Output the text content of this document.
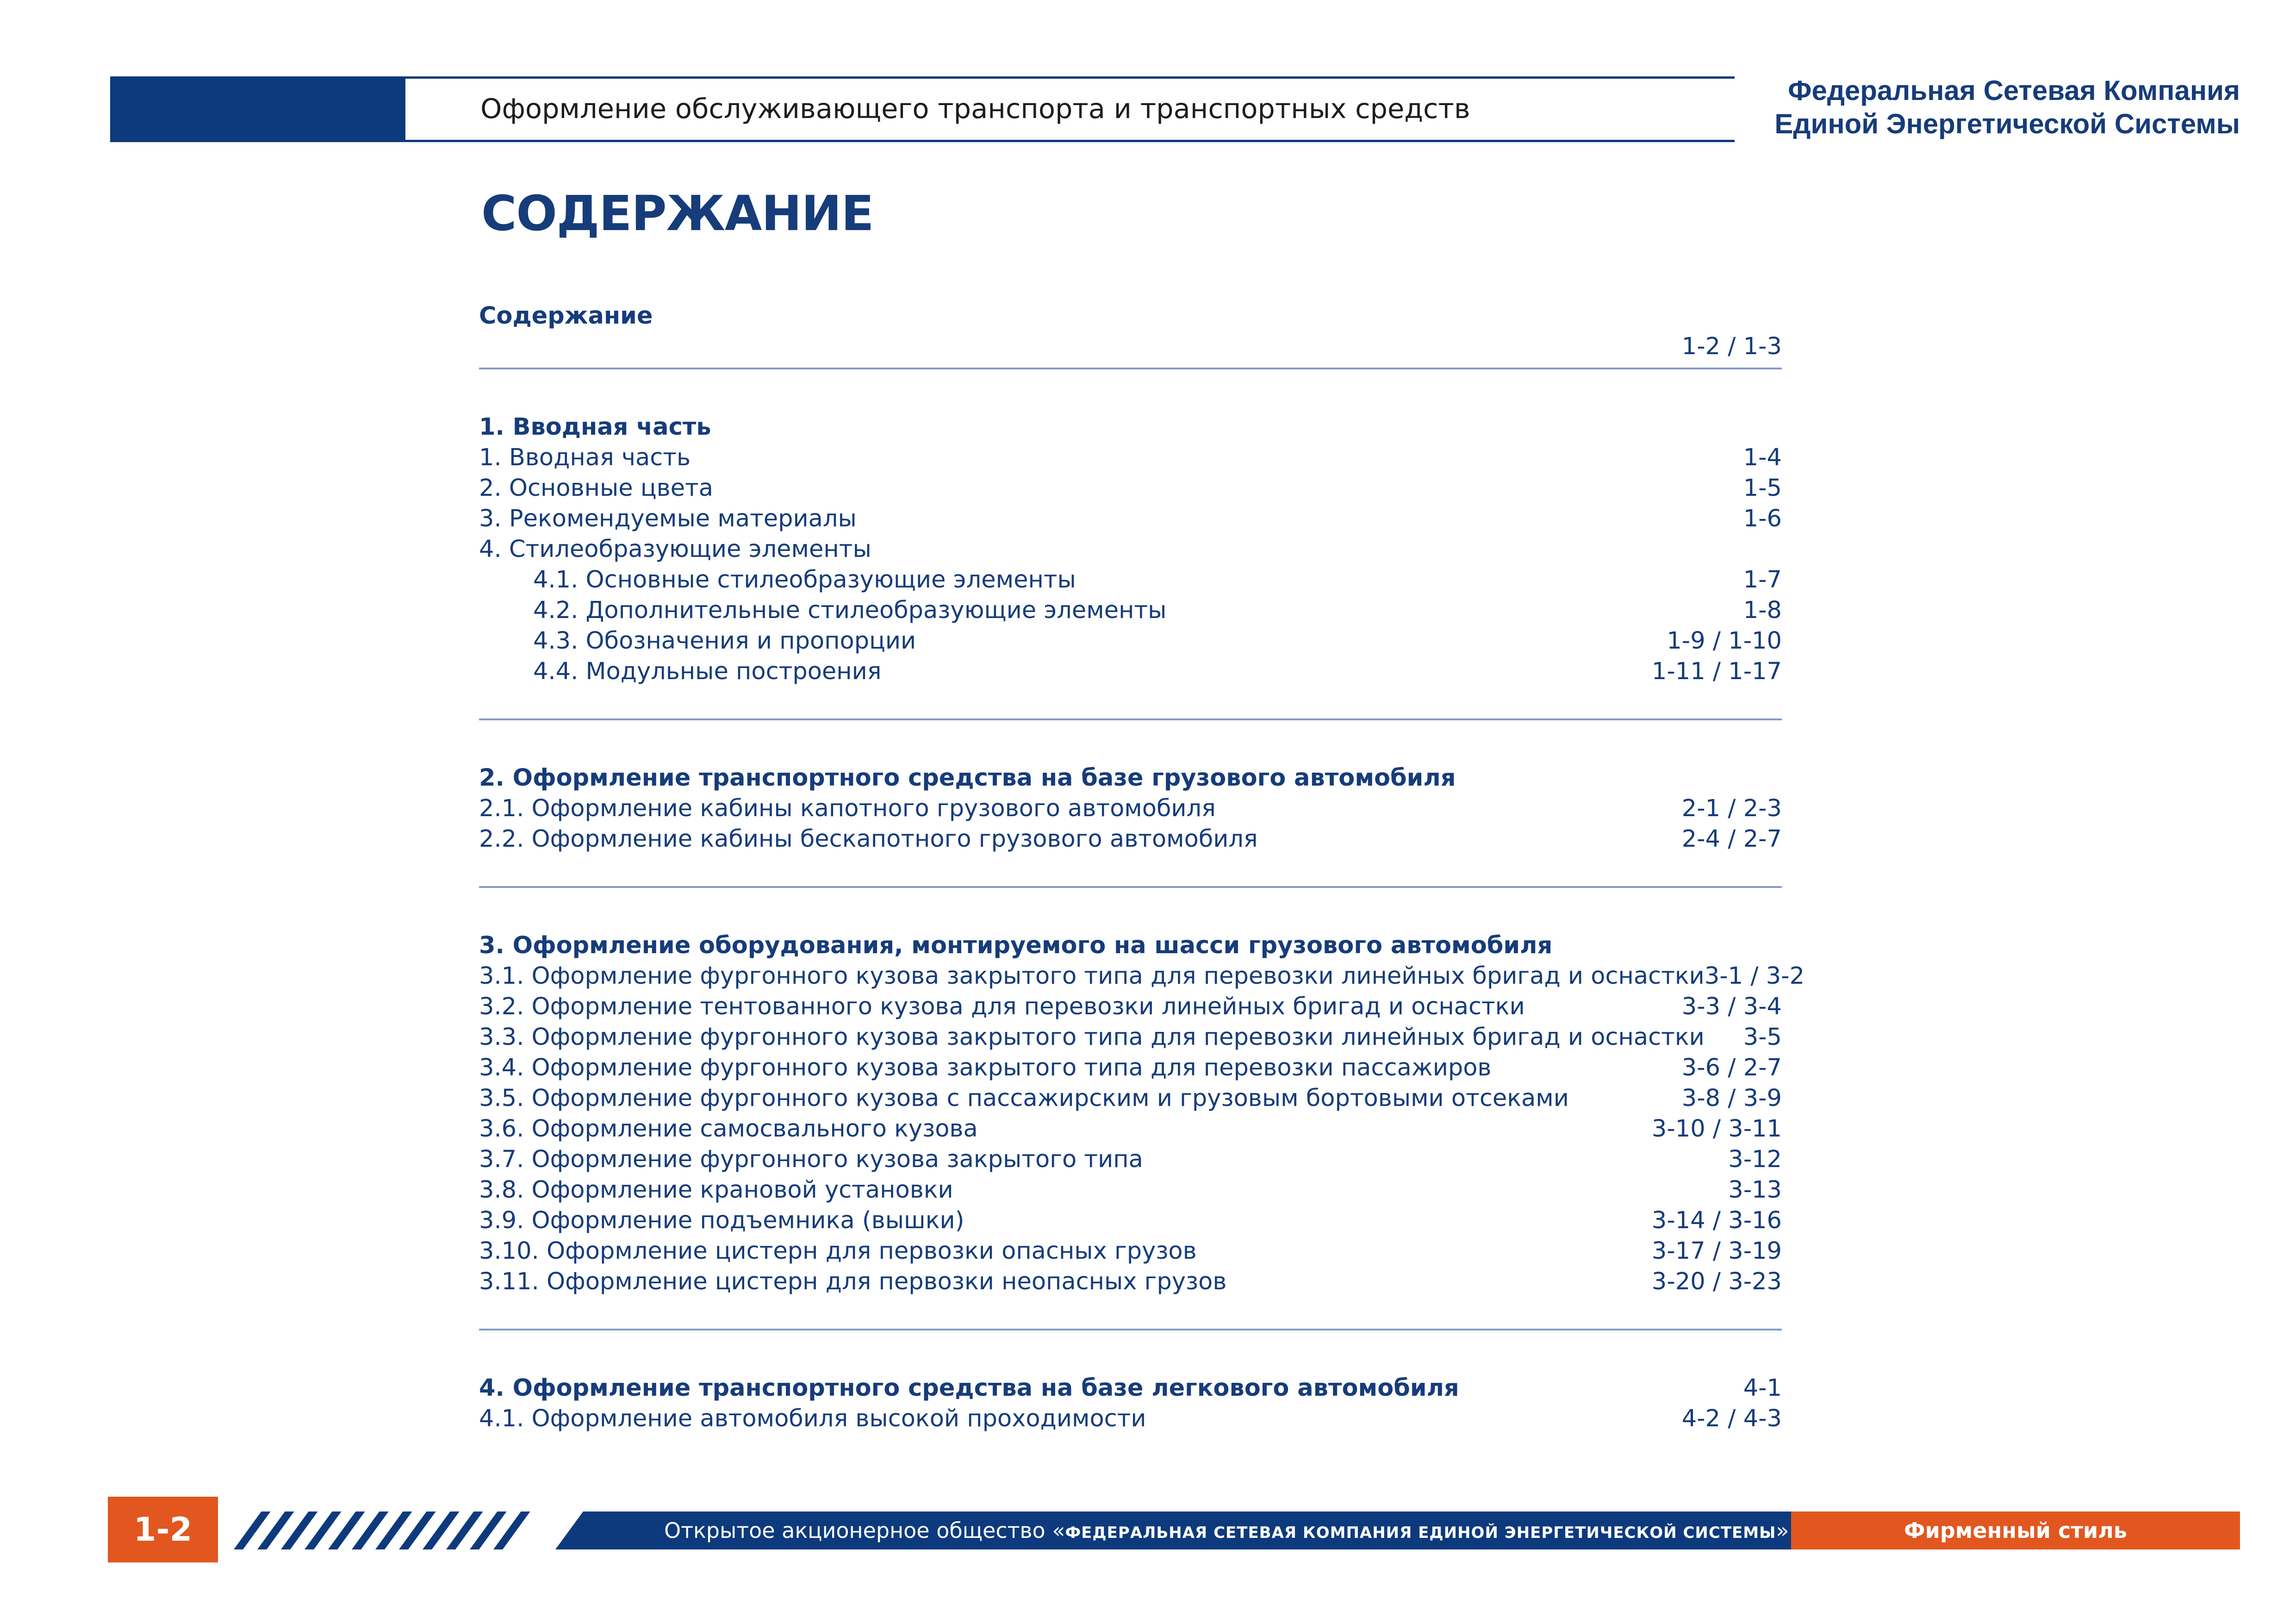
Оформление обслуживающего транспорта и транспортных средств
Федеральная Сетевая Компания
Единой Энергетической Системы
СОДЕРЖАНИЕ
Содержание
1-2 / 1-3
1. Вводная часть
1. Вводная часть	1-4
2. Основные цвета	1-5
3. Рекомендуемые материалы	1-6
4. Стилеобразующие элементы
4.1. Основные стилеобразующие элементы	1-7
4.2. Дополнительные стилеобразующие элементы	1-8
4.3. Обозначения и пропорции	1-9 / 1-10
4.4. Модульные построения	1-11 / 1-17
2. Оформление транспортного средства на базе грузового автомобиля
2.1. Оформление кабины капотного грузового автомобиля	2-1 / 2-3
2.2. Оформление кабины бескапотного грузового автомобиля	2-4 / 2-7
3. Оформление оборудования, монтируемого на шасси грузового автомобиля
3.1. Оформление фургонного кузова закрытого типа для перевозки линейных бригад и оснастки 3-1 / 3-2
3.2. Оформление тентованного кузова для перевозки линейных бригад и оснастки	3-3 / 3-4
3.3. Оформление фургонного кузова закрытого типа для перевозки линейных бригад и оснастки 3-5
3.4. Оформление фургонного кузова закрытого типа для перевозки пассажиров	3-6 / 2-7
3.5. Оформление фургонного кузова с пассажирским и грузовым бортовыми отсеками	3-8 / 3-9
3.6. Оформление самосвального кузова	3-10 / 3-11
3.7. Оформление фургонного кузова закрытого типа	3-12
3.8. Оформление крановой установки	3-13
3.9. Оформление подъемника (вышки)	3-14 / 3-16
3.10. Оформление цистерн для первозки опасных грузов	3-17 / 3-19
3.11. Оформление цистерн для первозки неопасных грузов	3-20 / 3-23
4. Оформление транспортного средства на базе легкового автомобиля	4-1
4.1. Оформление автомобиля высокой проходимости	4-2 / 4-3
1-2	Открытое акционерное общество «ФЕДЕРАЛЬНАЯ СЕТЕВАЯ КОМПАНИЯ ЕДИНОЙ ЭНЕРГЕТИЧЕСКОЙ СИСТЕМЫ»	Фирменный стиль
